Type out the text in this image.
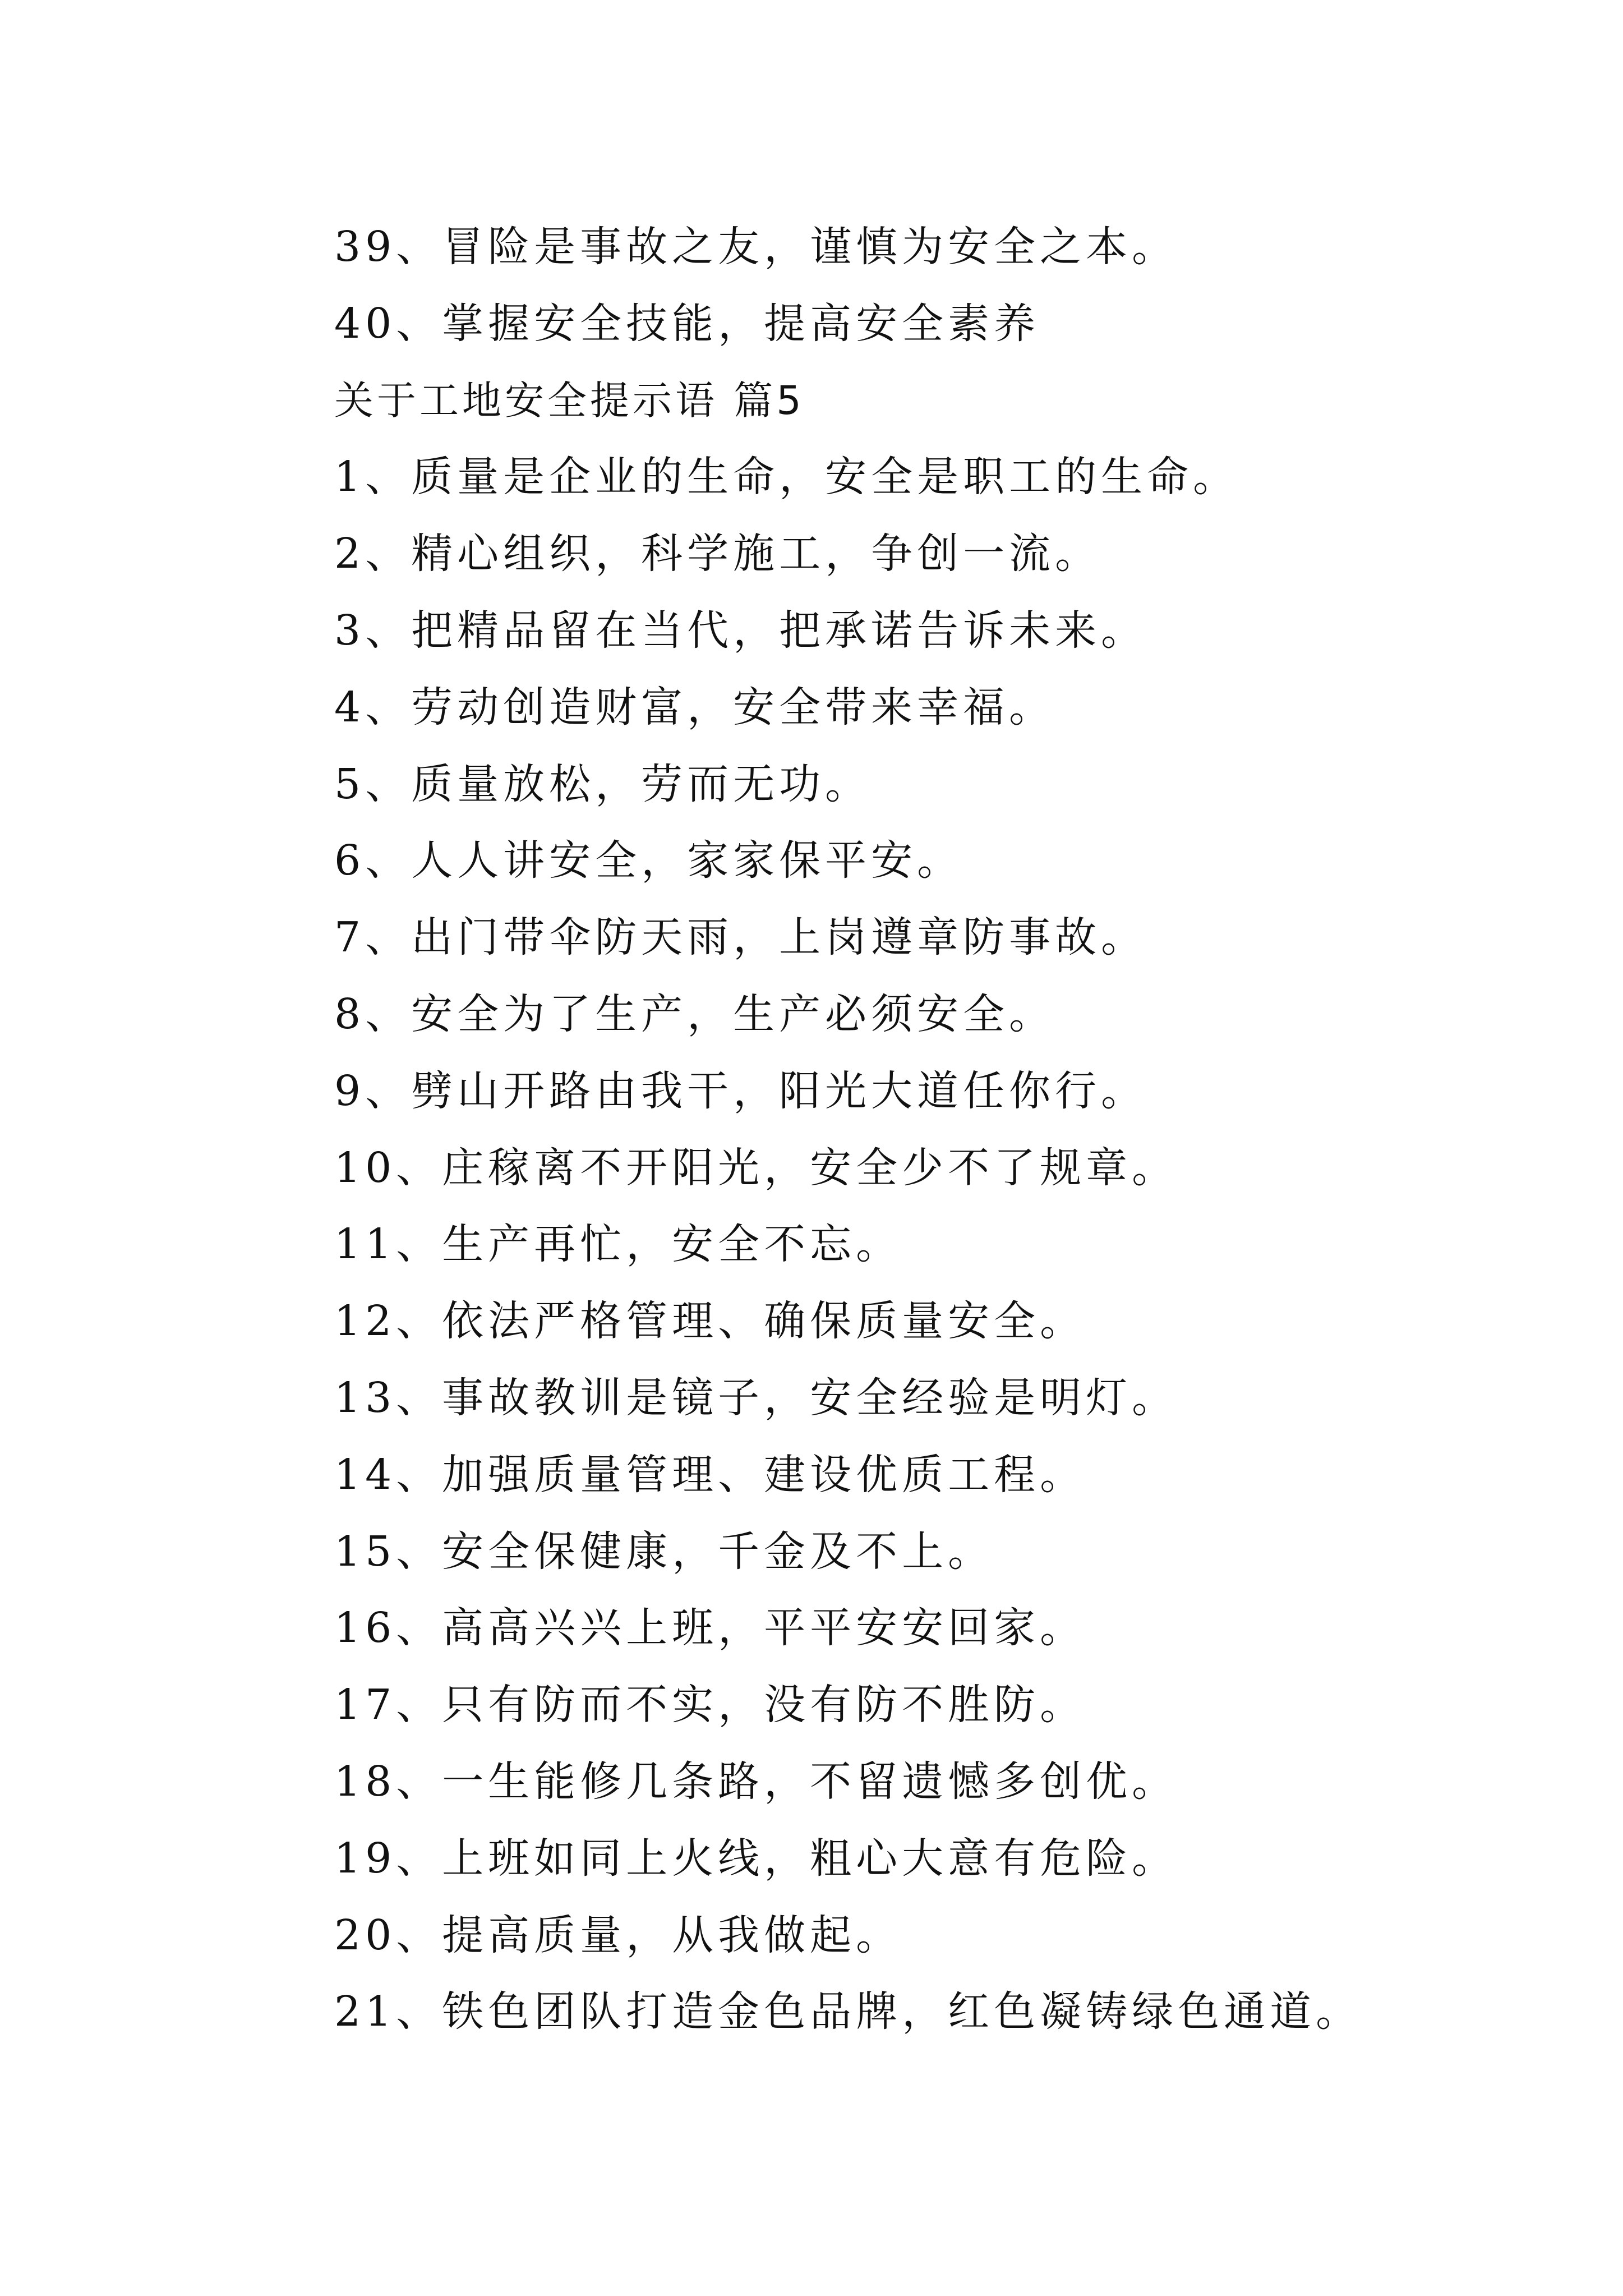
39、冒险是事故之友，谨慎为安全之本。
40、掌握安全技能，提高安全素养
关于工地安全提示语 篇5
1、质量是企业的生命，安全是职工的生命。
2、精心组织，科学施工，争创一流。
3、把精品留在当代，把承诺告诉未来。
4、劳动创造财富，安全带来幸福。
5、质量放松，劳而无功。
6、人人讲安全，家家保平安。
7、出门带伞防天雨，上岗遵章防事故。
8、安全为了生产，生产必须安全。
9、劈山开路由我干，阳光大道任你行。
10、庄稼离不开阳光，安全少不了规章。
11、生产再忙，安全不忘。
12、依法严格管理、确保质量安全。
13、事故教训是镜子，安全经验是明灯。
14、加强质量管理、建设优质工程。
15、安全保健康，千金及不上。
16、高高兴兴上班，平平安安回家。
17、只有防而不实，没有防不胜防。
18、一生能修几条路，不留遗憾多创优。
19、上班如同上火线，粗心大意有危险。
20、提高质量，从我做起。
21、铁色团队打造金色品牌，红色凝铸绿色通道。
